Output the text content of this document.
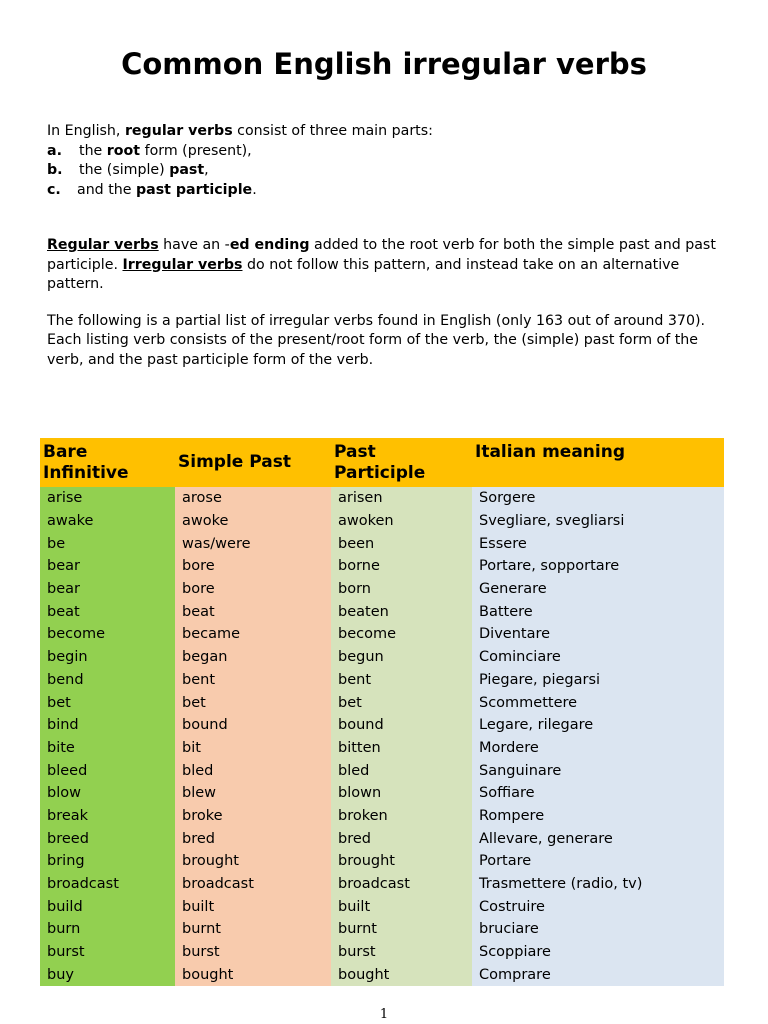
Common English irregular verbs

In English, regular verbs consist of three main parts:

a. the root form (present),

b. the (simple) past,

c. and the past participle.

Regular verbs have an -ed ending added to the root verb for both the simple past and past participle. Irregular verbs do not follow this pattern, and instead take on an alternative pattern.

The following is a partial list of irregular verbs found in English (only 163 out of around 370).

Each listing verb consists of the present/root form of the verb, the (simple) past form of the verb, and the past participle form of the verb.

Bare Infinitive	Simple Past	Past Participle	Italian meaning
arise	arose	arisen	Sorgere
awake	awoke	awoken	Svegliare, svegliarsi
be	was/were	been	Essere
bear	bore	borne	Portare, sopportare
bear	bore	born	Generare
beat	beat	beaten	Battere
become	became	become	Diventare
begin	began	begun	Cominciare
bend	bent	bent	Piegare, piegarsi
bet	bet	bet	Scommettere
bind	bound	bound	Legare, rilegare
bite	bit	bitten	Mordere
bleed	bled	bled	Sanguinare
blow	blew	blown	Soffiare
break	broke	broken	Rompere
breed	bred	bred	Allevare, generare
bring	brought	brought	Portare
broadcast	broadcast	broadcast	Trasmettere (radio, tv)
build	built	built	Costruire
burn	burnt	burnt	bruciare
burst	burst	burst	Scoppiare
buy	bought	bought	Comprare
1
